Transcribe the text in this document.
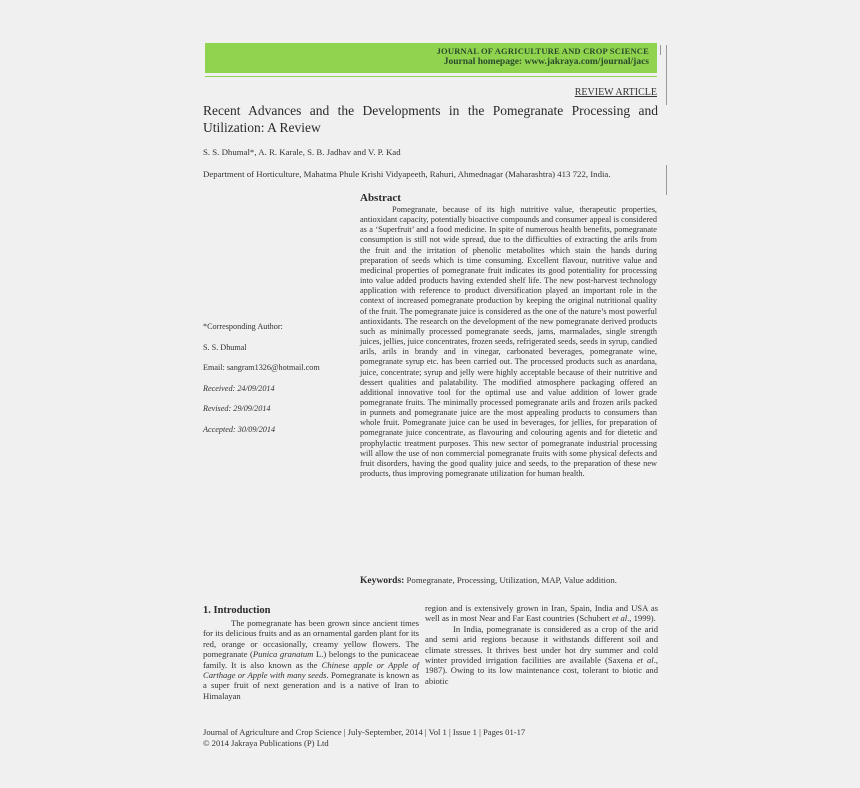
JOURNAL OF AGRICULTURE AND CROP SCIENCE
Journal homepage: www.jakraya.com/journal/jacs
REVIEW ARTICLE
Recent Advances and the Developments in the Pomegranate Processing and Utilization: A Review
S. S. Dhumal*, A. R. Karale, S. B. Jadhav and V. P. Kad
Department of Horticulture, Mahatma Phule Krishi Vidyapeeth, Rahuri, Ahmednagar (Maharashtra) 413 722, India.
*Corresponding Author:
S. S. Dhumal
Email: sangram1326@hotmail.com
Received: 24/09/2014
Revised: 29/09/2014
Accepted: 30/09/2014
Abstract
Pomegranate, because of its high nutritive value, therapeutic properties, antioxidant capacity, potentially bioactive compounds and consumer appeal is considered as a ‘Superfruit’ and a food medicine. In spite of numerous health benefits, pomegranate consumption is still not wide spread, due to the difficulties of extracting the arils from the fruit and the irritation of phenolic metabolites which stain the hands during preparation of seeds which is time consuming. Excellent flavour, nutritive value and medicinal properties of pomegranate fruit indicates its good potentiality for processing into value added products having extended shelf life. The new post-harvest technology application with reference to product diversification played an important role in the context of increased pomegranate production by keeping the original nutritional quality of the fruit. The pomegranate juice is considered as the one of the nature’s most powerful antioxidants. The research on the development of the new pomegranate derived products such as minimally processed pomegranate seeds, jams, marmalades, single strength juices, jellies, juice concentrates, frozen seeds, refrigerated seeds, seeds in syrup, candied arils, arils in brandy and in vinegar, carbonated beverages, pomegranate wine, pomegranate syrup etc. has been carried out. The processed products such as anardana, juice, concentrate; syrup and jelly were highly acceptable because of their nutritive and dessert qualities and palatability. The modified atmosphere packaging offered an additional innovative tool for the optimal use and value addition of lower grade pomegranate fruits. The minimally processed pomegranate arils and frozen arils packed in punnets and pomegranate juice are the most appealing products to consumers than whole fruit. Pomegranate juice can be used in beverages, for jellies, for preparation of pomegranate juice concentrate, as flavouring and colouring agents and for dietetic and prophylactic treatment purposes. This new sector of pomegranate industrial processing will allow the use of non commercial pomegranate fruits with some physical defects and fruit disorders, having the good quality juice and seeds, to the preparation of these new products, thus improving pomegranate utilization for human health.
Keywords: Pomegranate, Processing, Utilization, MAP, Value addition.
1. Introduction

The pomegranate has been grown since ancient times for its delicious fruits and as an ornamental garden plant for its red, orange or occasionally, creamy yellow flowers. The pomegranate (Punica granatum L.) belongs to the punicaceae family. It is also known as the Chinese apple or Apple of Carthage or Apple with many seeds. Pomegranate is known as a super fruit of next generation and is a native of Iran to Himalayan

region and is extensively grown in Iran, Spain, India and USA as well as in most Near and Far East countries (Schubert et al., 1999).

In India, pomegranate is considered as a crop of the arid and semi arid regions because it withstands different soil and climate stresses. It thrives best under hot dry summer and cold winter provided irrigation facilities are available (Saxena et al., 1987). Owing to its low maintenance cost, tolerant to biotic and abiotic

Journal of Agriculture and Crop Science | July-September, 2014 | Vol 1 | Issue 1 | Pages 01-17
© 2014 Jakraya Publications (P) Ltd
